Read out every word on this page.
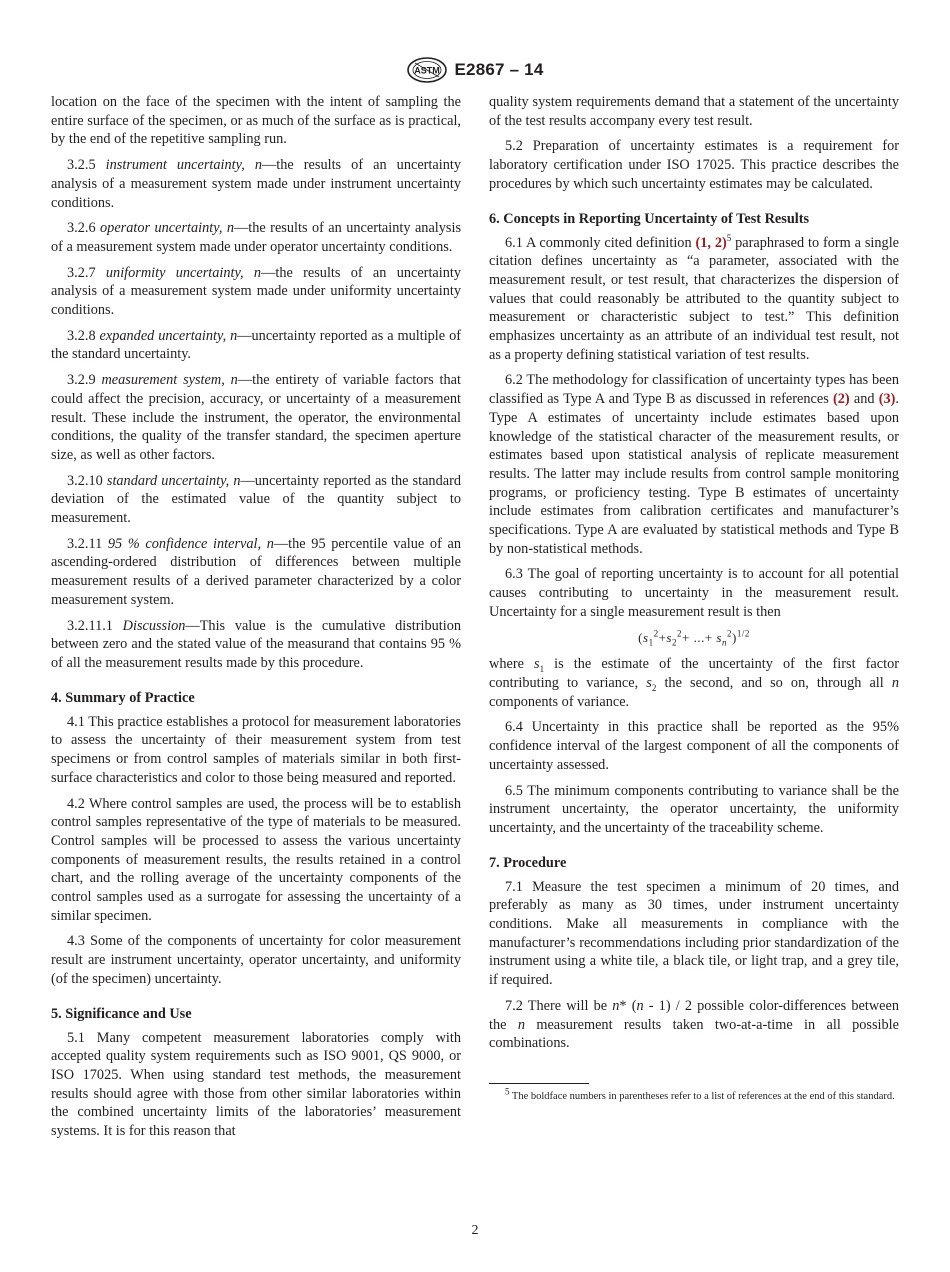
ASTM E2867 – 14

location on the face of the specimen with the intent of sampling the entire surface of the specimen, or as much of the surface as is practical, by the end of the repetitive sampling run.

3.2.5 instrument uncertainty, n—the results of an uncertainty analysis of a measurement system made under instrument uncertainty conditions.

3.2.6 operator uncertainty, n—the results of an uncertainty analysis of a measurement system made under operator uncertainty conditions.

3.2.7 uniformity uncertainty, n—the results of an uncertainty analysis of a measurement system made under uniformity uncertainty conditions.

3.2.8 expanded uncertainty, n—uncertainty reported as a multiple of the standard uncertainty.

3.2.9 measurement system, n—the entirety of variable factors that could affect the precision, accuracy, or uncertainty of a measurement result. These include the instrument, the operator, the environmental conditions, the quality of the transfer standard, the specimen aperture size, as well as other factors.

3.2.10 standard uncertainty, n—uncertainty reported as the standard deviation of the estimated value of the quantity subject to measurement.

3.2.11 95 % confidence interval, n—the 95 percentile value of an ascending-ordered distribution of differences between multiple measurement results of a derived parameter characterized by a color measurement system.

3.2.11.1 Discussion—This value is the cumulative distribution between zero and the stated value of the measurand that contains 95 % of all the measurement results made by this procedure.

4. Summary of Practice

4.1 This practice establishes a protocol for measurement laboratories to assess the uncertainty of their measurement system from test specimens or from control samples of materials similar in both first-surface characteristics and color to those being measured and reported.

4.2 Where control samples are used, the process will be to establish control samples representative of the type of materials to be measured. Control samples will be processed to assess the various uncertainty components of measurement results, the results retained in a control chart, and the rolling average of the uncertainty components of the control samples used as a surrogate for assessing the uncertainty of a similar specimen.

4.3 Some of the components of uncertainty for color measurement result are instrument uncertainty, operator uncertainty, and uniformity (of the specimen) uncertainty.

5. Significance and Use

5.1 Many competent measurement laboratories comply with accepted quality system requirements such as ISO 9001, QS 9000, or ISO 17025. When using standard test methods, the measurement results should agree with those from other similar laboratories within the combined uncertainty limits of the laboratories’ measurement systems. It is for this reason that

quality system requirements demand that a statement of the uncertainty of the test results accompany every test result.

5.2 Preparation of uncertainty estimates is a requirement for laboratory certification under ISO 17025. This practice describes the procedures by which such uncertainty estimates may be calculated.

6. Concepts in Reporting Uncertainty of Test Results

6.1 A commonly cited definition (1, 2)$^5$ paraphrased to form a single citation defines uncertainty as “a parameter, associated with the measurement result, or test result, that characterizes the dispersion of values that could reasonably be attributed to the quantity subject to measurement or characteristic subject to test.” This definition emphasizes uncertainty as an attribute of an individual test result, not as a property defining statistical variation of test results.

6.2 The methodology for classification of uncertainty types has been classified as Type A and Type B as discussed in references (2) and (3). Type A estimates of uncertainty include estimates based upon knowledge of the statistical character of the measurement results, or estimates based upon statistical analysis of replicate measurement results. The latter may include results from control sample monitoring programs, or proficiency testing. Type B estimates of uncertainty include estimates from calibration certificates and manufacturer’s specifications. Type A are evaluated by statistical methods and Type B by non-statistical methods.

6.3 The goal of reporting uncertainty is to account for all potential causes contributing to uncertainty in the measurement result. Uncertainty for a single measurement result is then

($s_1^2+s_2^2+$ ...+ $s_n^2)^{1/2}$

where $s_1$ is the estimate of the uncertainty of the first factor contributing to variance, $s_2$ the second, and so on, through all n components of variance.

6.4 Uncertainty in this practice shall be reported as the 95% confidence interval of the largest component of all the components of uncertainty assessed.

6.5 The minimum components contributing to variance shall be the instrument uncertainty, the operator uncertainty, the uniformity uncertainty, and the uncertainty of the traceability scheme.

7. Procedure

7.1 Measure the test specimen a minimum of 20 times, and preferably as many as 30 times, under instrument uncertainty conditions. Make all measurements in compliance with the manufacturer’s recommendations including prior standardization of the instrument using a white tile, a black tile, or light trap, and a grey tile, if required.

7.2 There will be n* (n - 1) / 2 possible color-differences between the n measurement results taken two-at-a-time in all possible combinations.

$^5$ The boldface numbers in parentheses refer to a list of references at the end of this standard.

2
